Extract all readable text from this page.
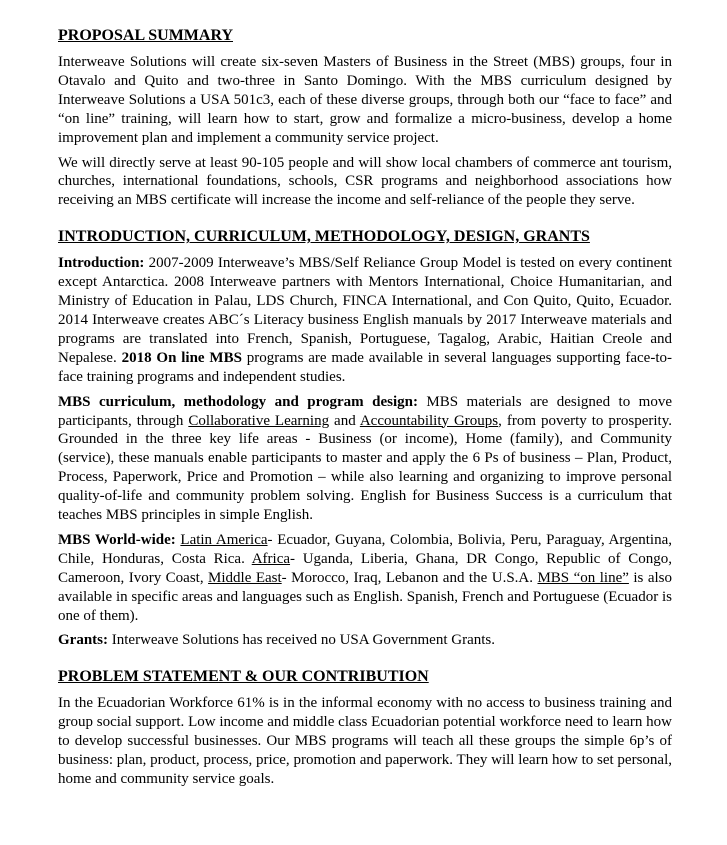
PROPOSAL SUMMARY

Interweave Solutions will create six-seven Masters of Business in the Street (MBS) groups, four in Otavalo and Quito and two-three in Santo Domingo. With the MBS curriculum designed by Interweave Solutions a USA 501c3, each of these diverse groups, through both our “face to face” and “on line” training, will learn how to start, grow and formalize a micro-business, develop a home improvement plan and implement a community service project.

We will directly serve at least 90-105 people and will show local chambers of commerce ant tourism, churches, international foundations, schools, CSR programs and neighborhood associations how receiving an MBS certificate will increase the income and self-reliance of the people they serve.

INTRODUCTION, CURRICULUM, METHODOLOGY, DESIGN, GRANTS

Introduction: 2007-2009 Interweave’s MBS/Self Reliance Group Model is tested on every continent except Antarctica. 2008 Interweave partners with Mentors International, Choice Humanitarian, and Ministry of Education in Palau, LDS Church, FINCA International, and Con Quito, Quito, Ecuador. 2014 Interweave creates ABC´s Literacy business English manuals by 2017 Interweave materials and programs are translated into French, Spanish, Portuguese, Tagalog, Arabic, Haitian Creole and Nepalese. 2018 On line MBS programs are made available in several languages supporting face-to-face training programs and independent studies.

MBS curriculum, methodology and program design: MBS materials are designed to move participants, through Collaborative Learning and Accountability Groups, from poverty to prosperity. Grounded in the three key life areas - Business (or income), Home (family), and Community (service), these manuals enable participants to master and apply the 6 Ps of business – Plan, Product, Process, Paperwork, Price and Promotion – while also learning and organizing to improve personal quality-of-life and community problem solving. English for Business Success is a curriculum that teaches MBS principles in simple English.

MBS World-wide: Latin America- Ecuador, Guyana, Colombia, Bolivia, Peru, Paraguay, Argentina, Chile, Honduras, Costa Rica. Africa- Uganda, Liberia, Ghana, DR Congo, Republic of Congo, Cameroon, Ivory Coast, Middle East- Morocco, Iraq, Lebanon and the U.S.A. MBS “on line” is also available in specific areas and languages such as English. Spanish, French and Portuguese (Ecuador is one of them).

Grants: Interweave Solutions has received no USA Government Grants.

PROBLEM STATEMENT & OUR CONTRIBUTION

In the Ecuadorian Workforce 61% is in the informal economy with no access to business training and group social support. Low income and middle class Ecuadorian potential workforce need to learn how to develop successful businesses. Our MBS programs will teach all these groups the simple 6p’s of business: plan, product, process, price, promotion and paperwork. They will learn how to set personal, home and community service goals.
